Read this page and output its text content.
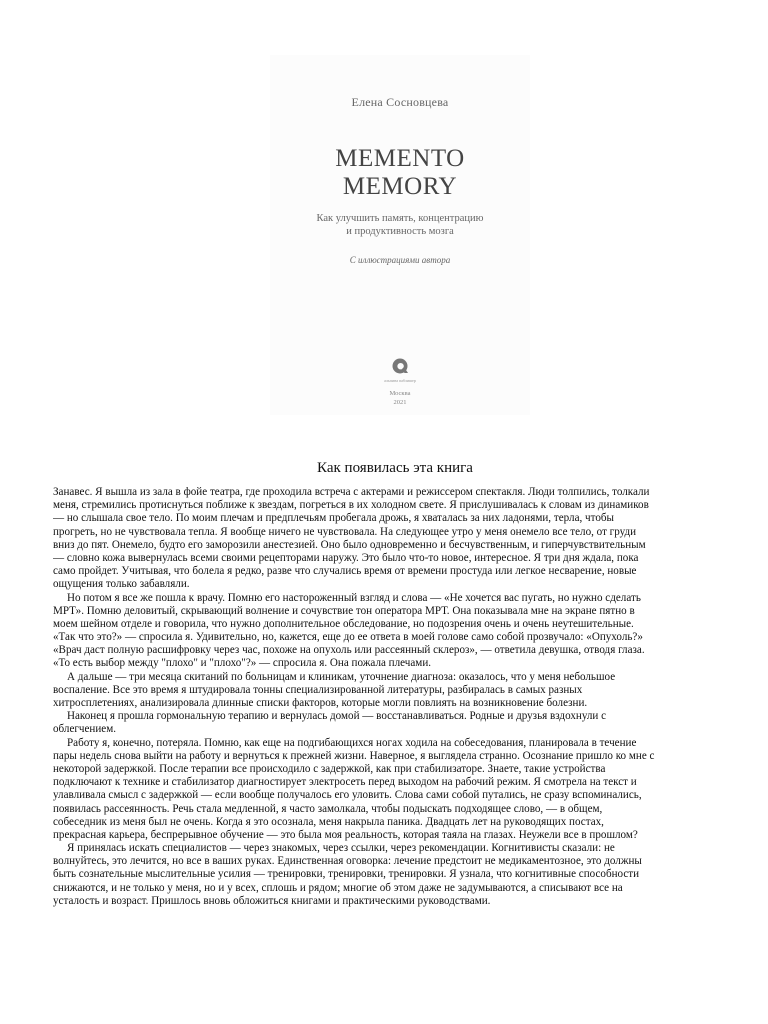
Елена Сосновцева
MEMENTO
MEMORY
Как улучшить память, концентрацию
и продуктивность мозга
С иллюстрациями автора
альпина паблишер
Москва
2021
Как появилась эта книга
Занавес. Я вышла из зала в фойе театра, где проходила встреча с актерами и режиссером спектакля. Люди толпились, толкали
меня, стремились протиснуться поближе к звездам, погреться в их холодном свете. Я прислушивалась к словам из динамиков
— но слышала свое тело. По моим плечам и предплечьям пробегала дрожь, я хваталась за них ладонями, терла, чтобы
прогреть, но не чувствовала тепла. Я вообще ничего не чувствовала. На следующее утро у меня онемело все тело, от груди
вниз до пят. Онемело, будто его заморозили анестезией. Оно было одновременно и бесчувственным, и гиперчувствительным
— словно кожа вывернулась всеми своими рецепторами наружу. Это было что-то новое, интересное. Я три дня ждала, пока
само пройдет. Учитывая, что болела я редко, разве что случались время от времени простуда или легкое несварение, новые
ощущения только забавляли.
Но потом я все же пошла к врачу. Помню его настороженный взгляд и слова — «Не хочется вас пугать, но нужно сделать
МРТ». Помню деловитый, скрывающий волнение и сочувствие тон оператора МРТ. Она показывала мне на экране пятно в
моем шейном отделе и говорила, что нужно дополнительное обследование, но подозрения очень и очень неутешительные.
«Так что это?» — спросила я. Удивительно, но, кажется, еще до ее ответа в моей голове само собой прозвучало: «Опухоль?»
«Врач даст полную расшифровку через час, похоже на опухоль или рассеянный склероз», — ответила девушка, отводя глаза.
«То есть выбор между "плохо" и "плохо"?» — спросила я. Она пожала плечами.
А дальше — три месяца скитаний по больницам и клиникам, уточнение диагноза: оказалось, что у меня небольшое
воспаление. Все это время я штудировала тонны специализированной литературы, разбиралась в самых разных
хитросплетениях, анализировала длинные списки факторов, которые могли повлиять на возникновение болезни.
Наконец я прошла гормональную терапию и вернулась домой — восстанавливаться. Родные и друзья вздохнули с
облегчением.
Работу я, конечно, потеряла. Помню, как еще на подгибающихся ногах ходила на собеседования, планировала в течение
пары недель снова выйти на работу и вернуться к прежней жизни. Наверное, я выглядела странно. Осознание пришло ко мне с
некоторой задержкой. После терапии все происходило с задержкой, как при стабилизаторе. Знаете, такие устройства
подключают к технике и стабилизатор диагностирует электросеть перед выходом на рабочий режим. Я смотрела на текст и
улавливала смысл с задержкой — если вообще получалось его уловить. Слова сами собой путались, не сразу вспоминались,
появилась рассеянность. Речь стала медленной, я часто замолкала, чтобы подыскать подходящее слово, — в общем,
собеседник из меня был не очень. Когда я это осознала, меня накрыла паника. Двадцать лет на руководящих постах,
прекрасная карьера, беспрерывное обучение — это была моя реальность, которая таяла на глазах. Неужели все в прошлом?
Я принялась искать специалистов — через знакомых, через ссылки, через рекомендации. Когнитивисты сказали: не
волнуйтесь, это лечится, но все в ваших руках. Единственная оговорка: лечение предстоит не медикаментозное, это должны
быть сознательные мыслительные усилия — тренировки, тренировки, тренировки. Я узнала, что когнитивные способности
снижаются, и не только у меня, но и у всех, сплошь и рядом; многие об этом даже не задумываются, а списывают все на
усталость и возраст. Пришлось вновь обложиться книгами и практическими руководствами.
